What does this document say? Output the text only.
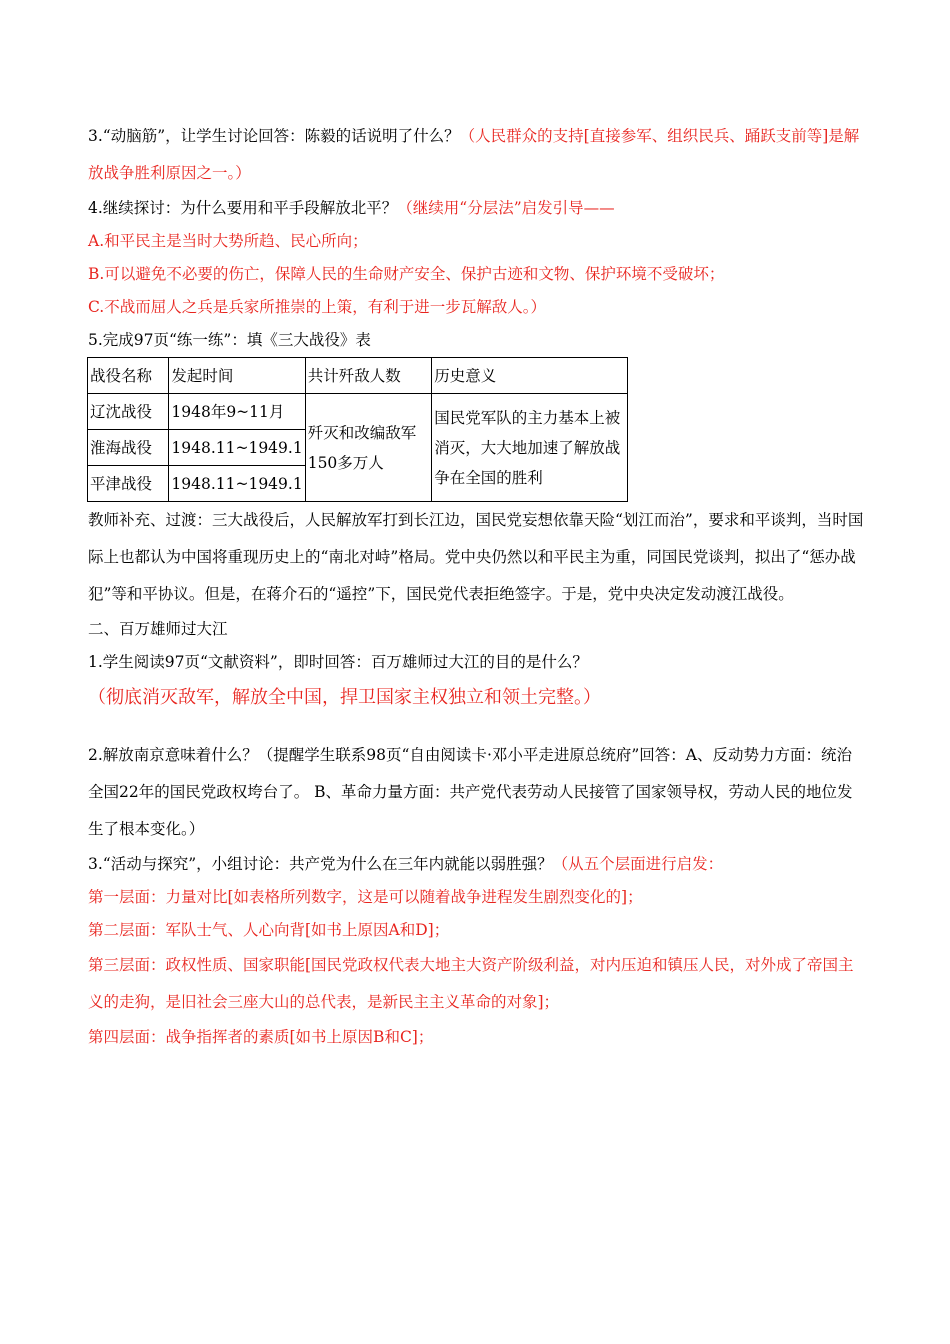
3.“动脑筋”，让学生讨论回答：陈毅的话说明了什么？（人民群众的支持[直接参军、组织民兵、踊跃支前等]是解放战争胜利原因之一。）

4.继续探讨：为什么要用和平手段解放北平？（继续用“分层法”启发引导——

A.和平民主是当时大势所趋、民心所向；

B.可以避免不必要的伤亡，保障人民的生命财产安全、保护古迹和文物、保护环境不受破坏；

C.不战而屈人之兵是兵家所推崇的上策，有利于进一步瓦解敌人。）

5.完成97页“练一练”：填《三大战役》表

战役名称	发起时间	共计歼敌人数	历史意义
辽沈战役	1948年9~11月	歼灭和改编敌军150多万人	国民党军队的主力基本上被消灭，大大地加速了解放战争在全国的胜利
淮海战役	1948.11~1949.1		
平津战役	1948.11~1949.1		

教师补充、过渡：三大战役后，人民解放军打到长江边，国民党妄想依靠天险“划江而治”，要求和平谈判，当时国际上也都认为中国将重现历史上的“南北对峙”格局。党中央仍然以和平民主为重，同国民党谈判，拟出了“惩办战犯”等和平协议。但是，在蒋介石的“遥控”下，国民党代表拒绝签字。于是，党中央决定发动渡江战役。

二、百万雄师过大江

1.学生阅读97页“文献资料”，即时回答：百万雄师过大江的目的是什么？

（彻底消灭敌军，解放全中国，捍卫国家主权独立和领土完整。）

2.解放南京意味着什么？（提醒学生联系98页“自由阅读卡·邓小平走进原总统府”回答：A、反动势力方面：统治全国22年的国民党政权垮台了。 B、革命力量方面：共产党代表劳动人民接管了国家领导权，劳动人民的地位发生了根本变化。）

3.“活动与探究”，小组讨论：共产党为什么在三年内就能以弱胜强？（从五个层面进行启发：

第一层面：力量对比[如表格所列数字，这是可以随着战争进程发生剧烈变化的]；

第二层面：军队士气、人心向背[如书上原因A和D]；

第三层面：政权性质、国家职能[国民党政权代表大地主大资产阶级利益，对内压迫和镇压人民，对外成了帝国主义的走狗，是旧社会三座大山的总代表，是新民主主义革命的对象]；

第四层面：战争指挥者的素质[如书上原因B和C]；
